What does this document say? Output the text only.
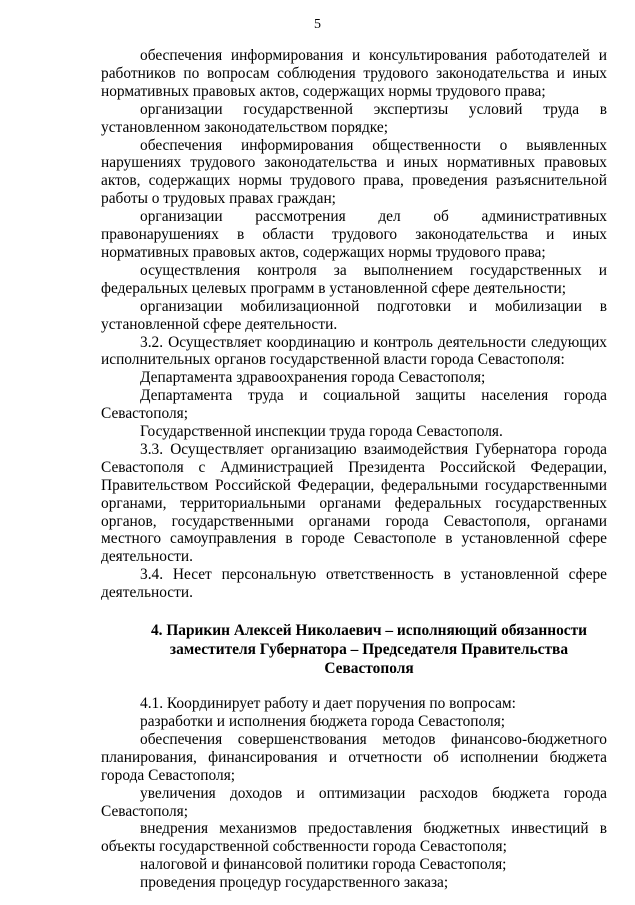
5

обеспечения информирования и консультирования работодателей и работников по вопросам соблюдения трудового законодательства и иных нормативных правовых актов, содержащих нормы трудового права;

организации государственной экспертизы условий труда в установленном законодательством порядке;

обеспечения информирования общественности о выявленных нарушениях трудового законодательства и иных нормативных правовых актов, содержащих нормы трудового права, проведения разъяснительной работы о трудовых правах граждан;

организации рассмотрения дел об административных правонарушениях в области трудового законодательства и иных нормативных правовых актов, содержащих нормы трудового права;

осуществления контроля за выполнением государственных и федеральных целевых программ в установленной сфере деятельности;

организации мобилизационной подготовки и мобилизации в установленной сфере деятельности.

3.2. Осуществляет координацию и контроль деятельности следующих исполнительных органов государственной власти города Севастополя:

Департамента здравоохранения города Севастополя;

Департамента труда и социальной защиты населения города Севастополя;

Государственной инспекции труда города Севастополя.

3.3. Осуществляет организацию взаимодействия Губернатора города Севастополя с Администрацией Президента Российской Федерации, Правительством Российской Федерации, федеральными государственными органами, территориальными органами федеральных государственных органов, государственными органами города Севастополя, органами местного самоуправления в городе Севастополе в установленной сфере деятельности.

3.4. Несет персональную ответственность в установленной сфере деятельности.

4. Парикин Алексей Николаевич – исполняющий обязанности

заместителя Губернатора – Председателя Правительства Севастополя

4.1. Координирует работу и дает поручения по вопросам:

разработки и исполнения бюджета города Севастополя;

обеспечения совершенствования методов финансово-бюджетного планирования, финансирования и отчетности об исполнении бюджета города Севастополя;

увеличения доходов и оптимизации расходов бюджета города Севастополя;

внедрения механизмов предоставления бюджетных инвестиций в объекты государственной собственности города Севастополя;

налоговой и финансовой политики города Севастополя;

проведения процедур государственного заказа;
